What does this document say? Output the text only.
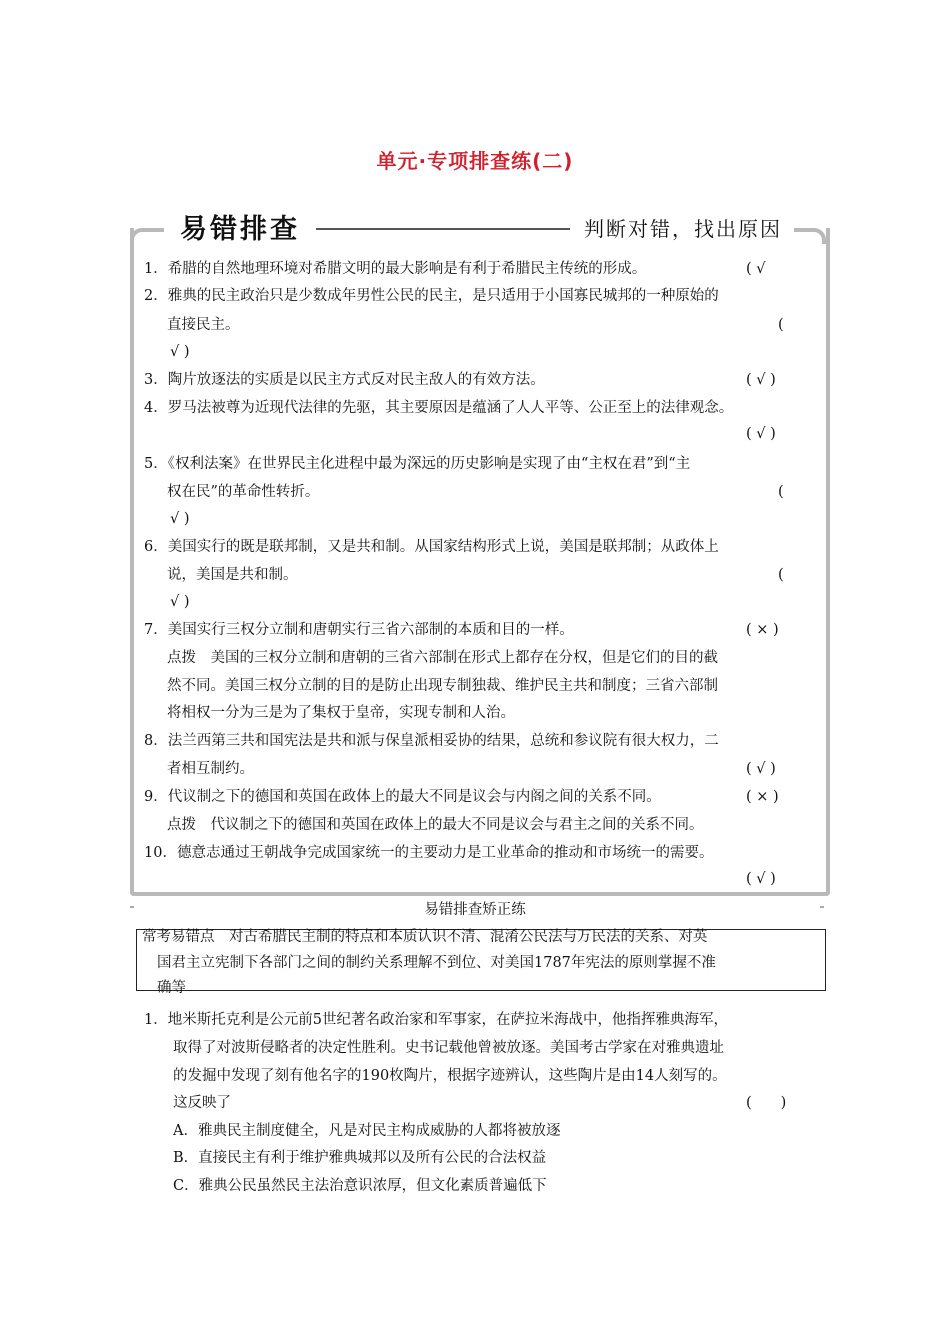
单元·专项排查练(二)
易错排查	判断对错，找出原因
1．希腊的自然地理环境对希腊文明的最大影响是有利于希腊民主传统的形成。	( √
2．雅典的民主政治只是少数成年男性公民的民主，是只适用于小国寡民城邦的一种原始的
直接民主。	(
√ )
3．陶片放逐法的实质是以民主方式反对民主敌人的有效方法。	( √ )
4．罗马法被尊为近现代法律的先驱，其主要原因是蕴涵了人人平等、公正至上的法律观念。
( √ )
5．《权利法案》在世界民主化进程中最为深远的历史影响是实现了由“主权在君”到“主
权在民”的革命性转折。	(
√ )
6．美国实行的既是联邦制，又是共和制。从国家结构形式上说，美国是联邦制；从政体上
说，美国是共和制。	(
√ )
7．美国实行三权分立制和唐朝实行三省六部制的本质和目的一样。	( × )
点拨　美国的三权分立制和唐朝的三省六部制在形式上都存在分权，但是它们的目的截
然不同。美国三权分立制的目的是防止出现专制独裁、维护民主共和制度；三省六部制
将相权一分为三是为了集权于皇帝，实现专制和人治。
8．法兰西第三共和国宪法是共和派与保皇派相妥协的结果，总统和参议院有很大权力，二
者相互制约。	( √ )
9．代议制之下的德国和英国在政体上的最大不同是议会与内阁之间的关系不同。	( × )
点拨　代议制之下的德国和英国在政体上的最大不同是议会与君主之间的关系不同。
10．德意志通过王朝战争完成国家统一的主要动力是工业革命的推动和市场统一的需要。
( √ )
易错排查矫正练
常考易错点　对古希腊民主制的特点和本质认识不清、混淆公民法与万民法的关系、对英
国君主立宪制下各部门之间的制约关系理解不到位、对美国1787年宪法的原则掌握不准
确等
1．地米斯托克利是公元前5世纪著名政治家和军事家，在萨拉米海战中，他指挥雅典海军，
取得了对波斯侵略者的决定性胜利。史书记载他曾被放逐。美国考古学家在对雅典遗址
的发掘中发现了刻有他名字的190枚陶片，根据字迹辨认，这些陶片是由14人刻写的。
这反映了	(　　)
A．雅典民主制度健全，凡是对民主构成威胁的人都将被放逐
B．直接民主有利于维护雅典城邦以及所有公民的合法权益
C．雅典公民虽然民主法治意识浓厚，但文化素质普遍低下
